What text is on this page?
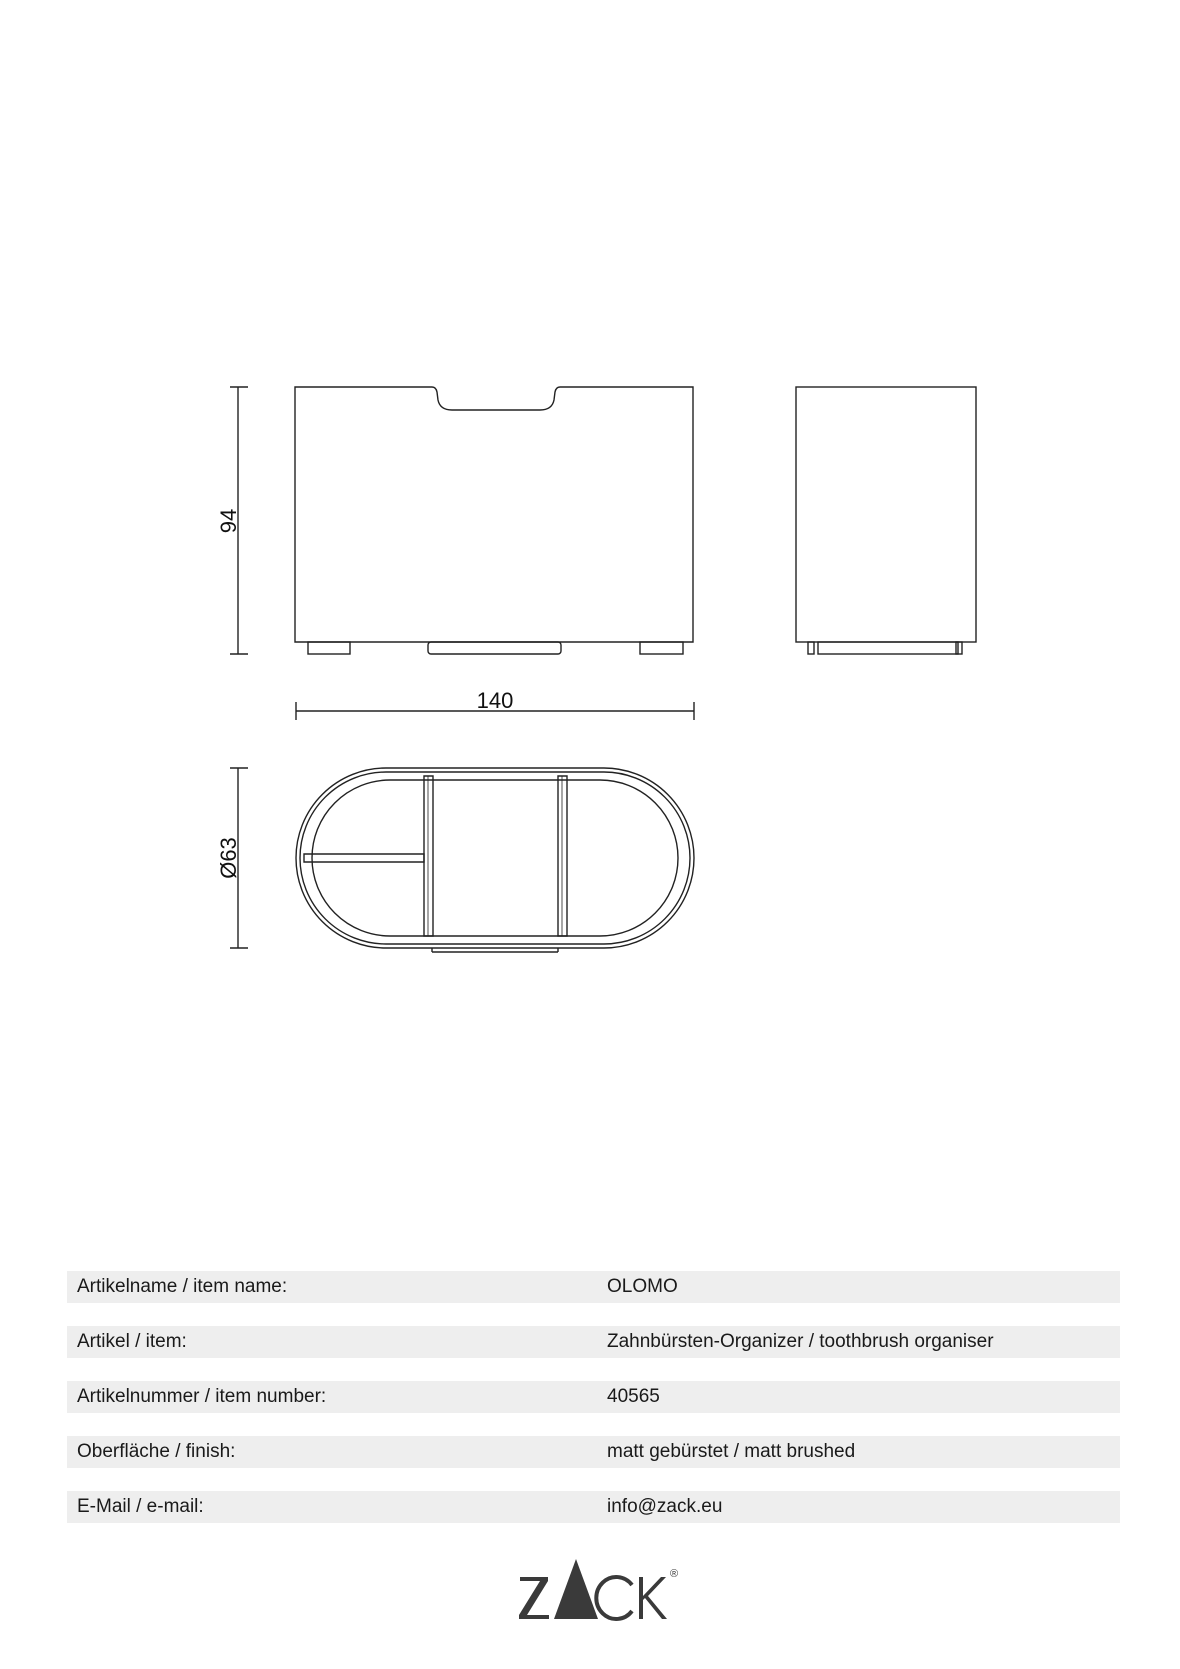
94
140
Ø63
Artikelname / item name:	OLOMO
Artikel / item:	Zahnbürsten-Organizer / toothbrush organiser
Artikelnummer / item number:	40565
Oberfläche / finish:	matt gebürstet / matt brushed
E-Mail / e-mail:	info@zack.eu
®
